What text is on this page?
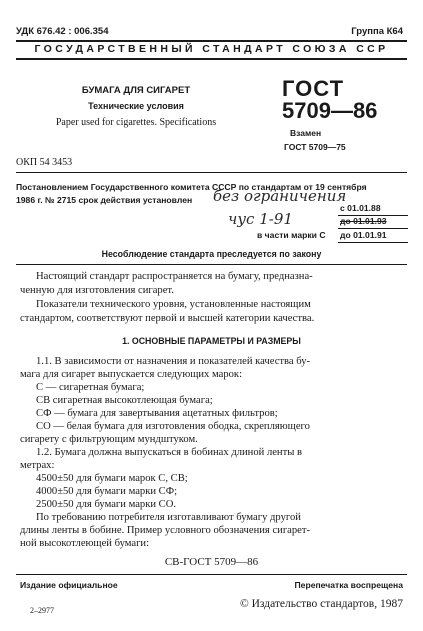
УДК 676.42 : 006.354	Группа К64
ГОСУДАРСТВЕННЫЙ СТАНДАРТ СОЮЗА ССР
БУМАГА ДЛЯ СИГАРЕТ
Технические условия
Paper used for cigarettes. Specifications
ГОСТ
5709—86
Взамен
ГОСТ 5709—75
ОКП 54 3453
Постановлением Государственного комитета СССР по стандартам от 19 сентября
1986 г. № 2715 срок действия установлен без ограничения
чус 1-91
с 01.01.88
до 01.01.93
в части марки С до 01.01.91
Несоблюдение стандарта преследуется по закону
Настоящий стандарт распространяется на бумагу, предназна-
ченную для изготовления сигарет.
Показатели технического уровня, установленные настоящим
стандартом, соответствуют первой и высшей категории качества.
1. ОСНОВНЫЕ ПАРАМЕТРЫ И РАЗМЕРЫ
1.1. В зависимости от назначения и показателей качества бу-
мага для сигарет выпускается следующих марок:
С — сигаретная бумага;
СВ сигаретная высокотлеющая бумага;
СФ — бумага для завертывания ацетатных фильтров;
СО — белая бумага для изготовления ободка, скрепляющего
сигарету с фильтрующим мундштуком.
1.2. Бумага должна выпускаться в бобинах длиной ленты в
метрах:
4500±50 для бумаги марок С, СВ;
4000±50 для бумаги марки СФ;
2500±50 для бумаги марки СО.
По требованию потребителя изготавливают бумагу другой
длины ленты в бобине. Пример условного обозначения сигарет-
ной высокотлеющей бумаги:
СВ-ГОСТ 5709—86
Издание официальное	Перепечатка воспрещена
© Издательство стандартов, 1987
2–2977
